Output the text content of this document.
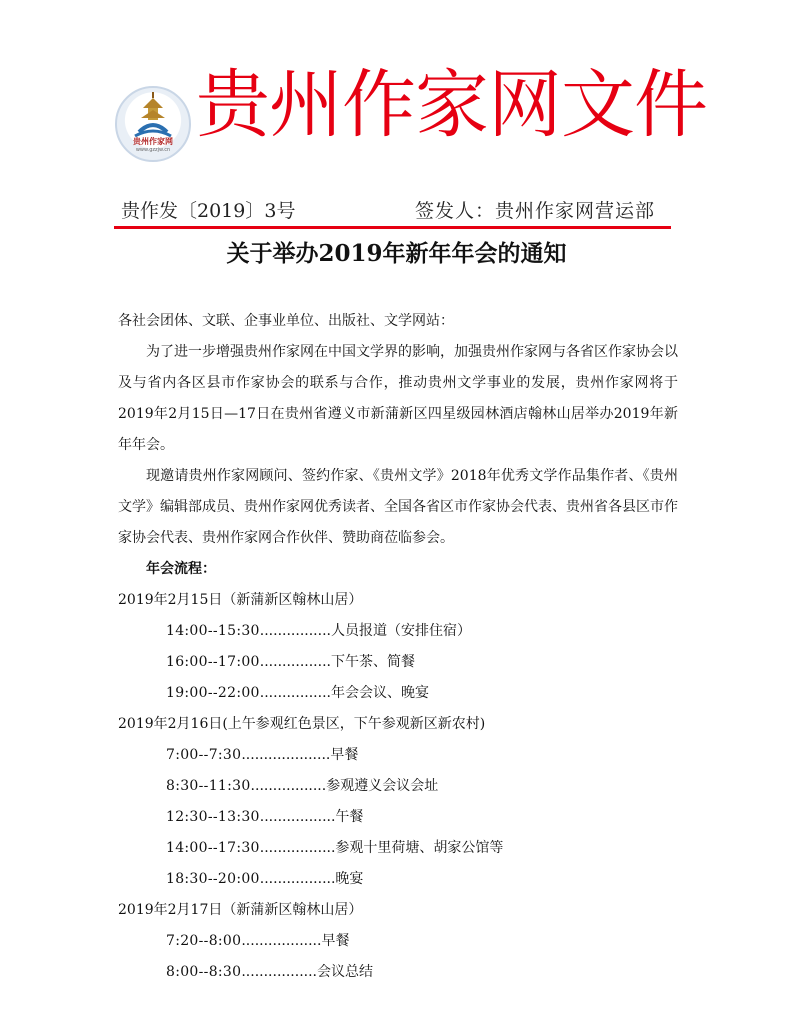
贵州作家网
www.gzzjw.cn
贵州作家网文件
贵作发〔2019〕3号	签发人：贵州作家网营运部
关于举办2019年新年年会的通知

各社会团体、文联、企事业单位、出版社、文学网站：

为了进一步增强贵州作家网在中国文学界的影响，加强贵州作家网与各省区作家协会以及与省内各区县市作家协会的联系与合作，推动贵州文学事业的发展，贵州作家网将于2019年2月15日—17日在贵州省遵义市新蒲新区四星级园林酒店翰林山居举办2019年新年年会。

现邀请贵州作家网顾问、签约作家、《贵州文学》2018年优秀文学作品集作者、《贵州文学》编辑部成员、贵州作家网优秀读者、全国各省区市作家协会代表、贵州省各县区市作家协会代表、贵州作家网合作伙伴、赞助商莅临参会。

年会流程：

2019年2月15日（新蒲新区翰林山居）

14:00--15:30................人员报道（安排住宿）

16:00--17:00................下午茶、简餐

19:00--22:00................年会会议、晚宴

2019年2月16日(上午参观红色景区，下午参观新区新农村)

7:00--7:30....................早餐

8:30--11:30.................参观遵义会议会址

12:30--13:30.................午餐

14:00--17:30.................参观十里荷塘、胡家公馆等

18:30--20:00.................晚宴

2019年2月17日（新蒲新区翰林山居）

7:20--8:00..................早餐

8:00--8:30.................会议总结
